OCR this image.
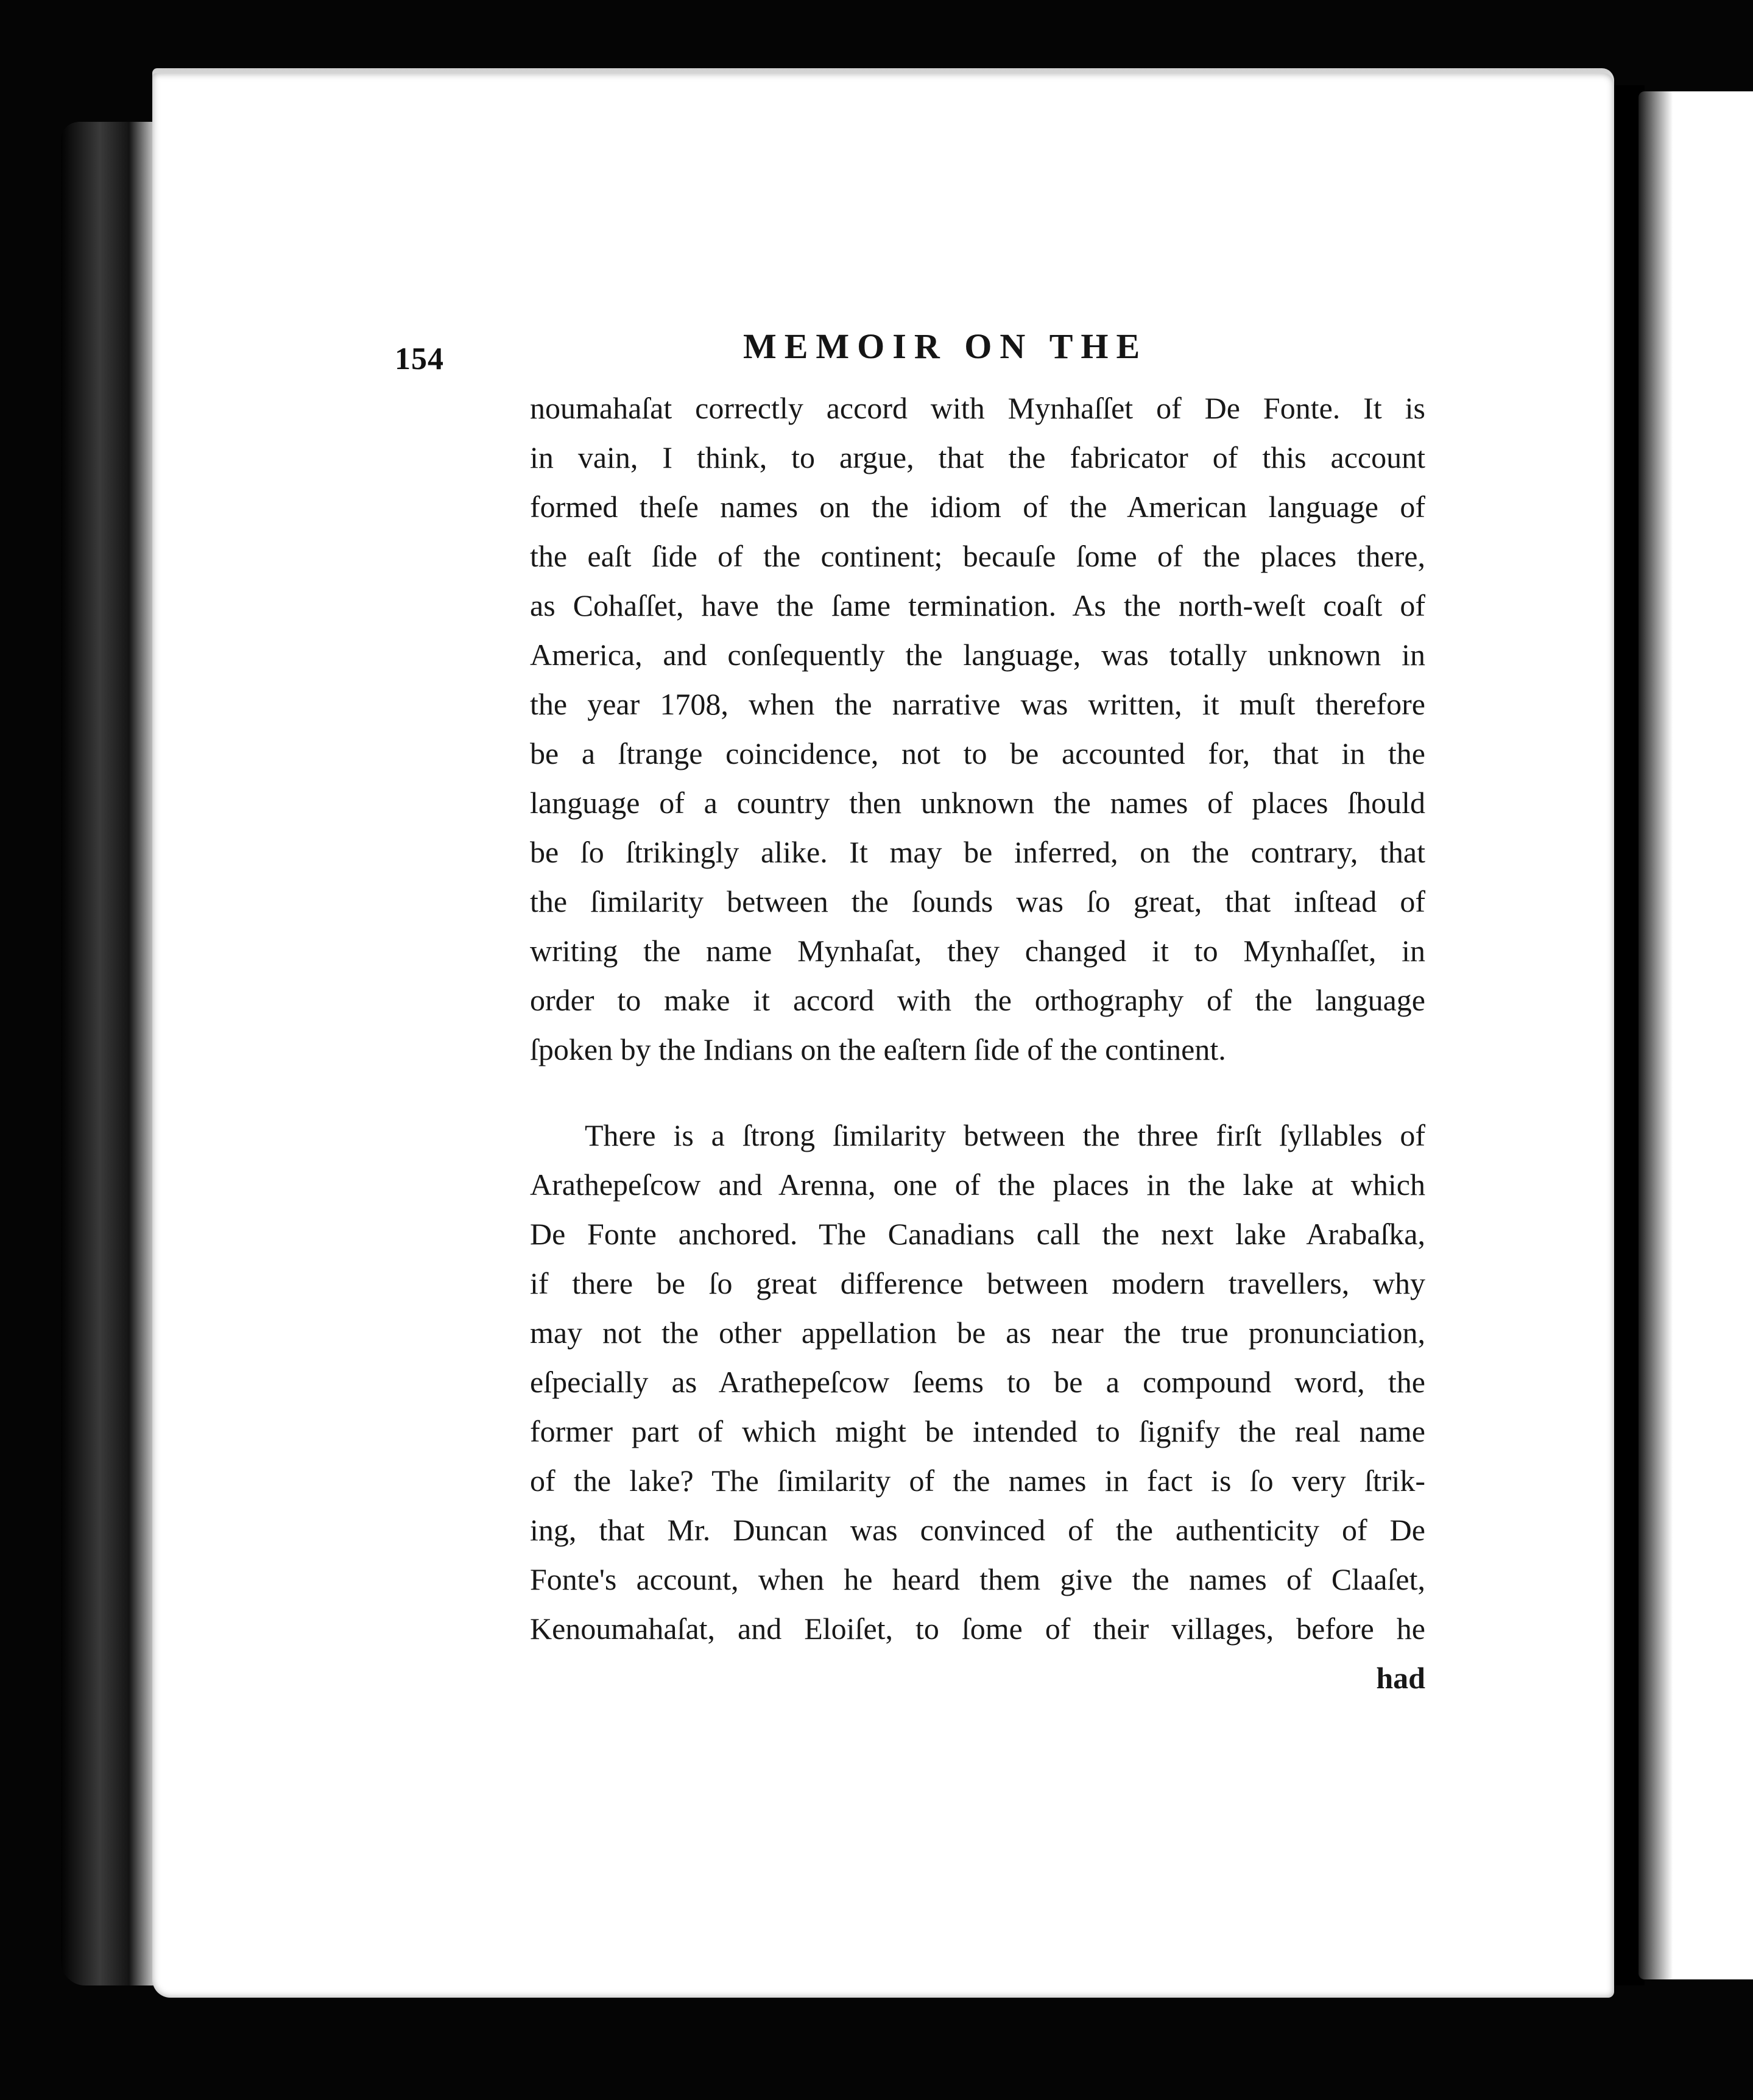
154	MEMOIR ON THE
noumahaſat correctly accord with Mynhaſſet of De Fonte. It is
in vain, I think, to argue, that the fabricator of this account
formed theſe names on the idiom of the American language of
the eaſt ſide of the continent; becauſe ſome of the places there,
as Cohaſſet, have the ſame termination. As the north-weſt coaſt of
America, and conſequently the language, was totally unknown in
the year 1708, when the narrative was written, it muſt therefore
be a ſtrange coincidence, not to be accounted for, that in the
language of a country then unknown the names of places ſhould
be ſo ſtrikingly alike. It may be inferred, on the contrary, that
the ſimilarity between the ſounds was ſo great, that inſtead of
writing the name Mynhaſat, they changed it to Mynhaſſet, in
order to make it accord with the orthography of the language
ſpoken by the Indians on the eaſtern ſide of the continent.
There is a ſtrong ſimilarity between the three firſt ſyllables of
Arathepeſcow and Arenna, one of the places in the lake at which
De Fonte anchored. The Canadians call the next lake Arabaſka,
if there be ſo great difference between modern travellers, why
may not the other appellation be as near the true pronunciation,
eſpecially as Arathepeſcow ſeems to be a compound word, the
former part of which might be intended to ſignify the real name
of the lake? The ſimilarity of the names in fact is ſo very ſtrik-
ing, that Mr. Duncan was convinced of the authenticity of De
Fonte's account, when he heard them give the names of Claaſet,
Kenoumahaſat, and Eloiſet, to ſome of their villages, before he
had
